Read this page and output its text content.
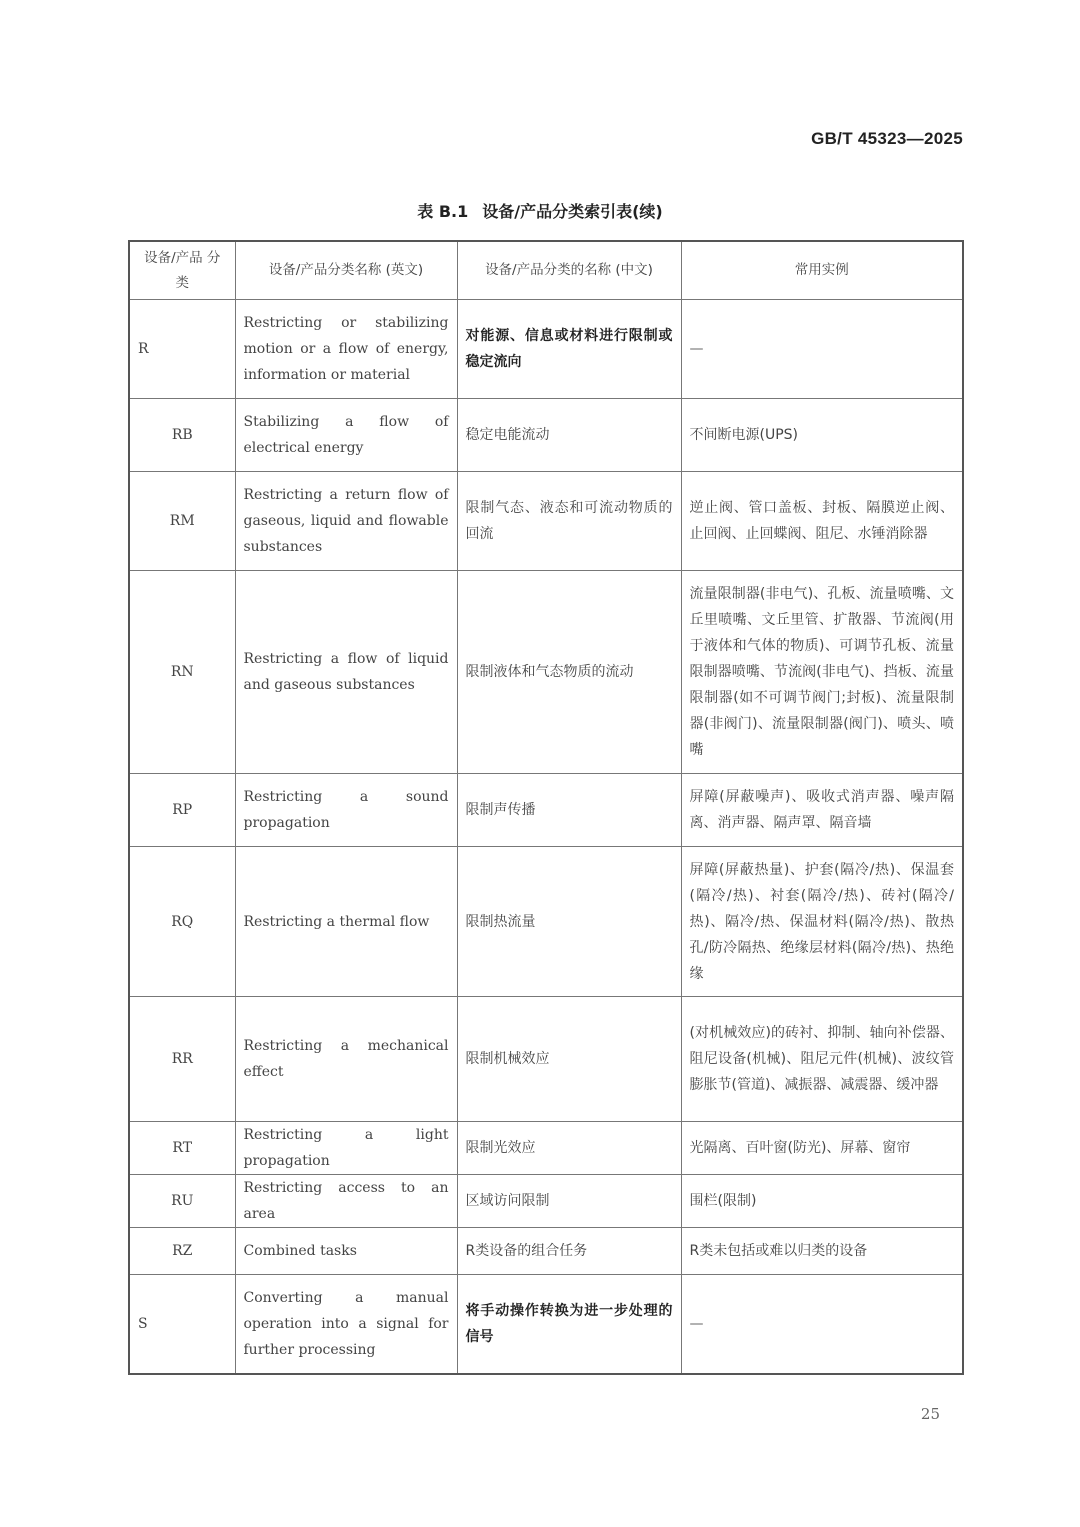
GB/T 45323—2025
表 B.1 设备/产品分类索引表(续)
设备/产品 分类	设备/产品分类名称 (英文)	设备/产品分类的名称 (中文)	常用实例
R	Restricting or stabilizing motion or a flow of energy, information or material	对能源、信息或材料进行限制或稳定流向	—
RB	Stabilizing a flow of electrical energy	稳定电能流动	不间断电源(UPS)
RM	Restricting a return flow of gaseous, liquid and flowable substances	限制气态、液态和可流动物质的回流	逆止阀、管口盖板、封板、隔膜逆止阀、止回阀、止回蝶阀、阻尼、水锤消除器
RN	Restricting a flow of liquid and gaseous substances	限制液体和气态物质的流动	流量限制器(非电气)、孔板、流量喷嘴、文丘里喷嘴、文丘里管、扩散器、节流阀(用于液体和气体的物质)、可调节孔板、流量限制器喷嘴、节流阀(非电气)、挡板、流量限制器(如不可调节阀门;封板)、流量限制器(非阀门)、流量限制器(阀门)、喷头、喷嘴
RP	Restricting a sound propagation	限制声传播	屏障(屏蔽噪声)、吸收式消声器、噪声隔离、消声器、隔声罩、隔音墙
RQ	Restricting a thermal flow	限制热流量	屏障(屏蔽热量)、护套(隔冷/热)、保温套(隔冷/热)、衬套(隔冷/热)、砖衬(隔冷/热)、隔冷/热、保温材料(隔冷/热)、散热孔/防冷隔热、绝缘层材料(隔冷/热)、热绝缘
RR	Restricting a mechanical effect	限制机械效应	(对机械效应)的砖衬、抑制、轴向补偿器、阻尼设备(机械)、阻尼元件(机械)、波纹管膨胀节(管道)、减振器、减震器、缓冲器
RT	Restricting a light propagation	限制光效应	光隔离、百叶窗(防光)、屏幕、窗帘
RU	Restricting access to an area	区域访问限制	围栏(限制)
RZ	Combined tasks	R类设备的组合任务	R类未包括或难以归类的设备
S	Converting a manual operation into a signal for further processing	将手动操作转换为进一步处理的信号	—
25
